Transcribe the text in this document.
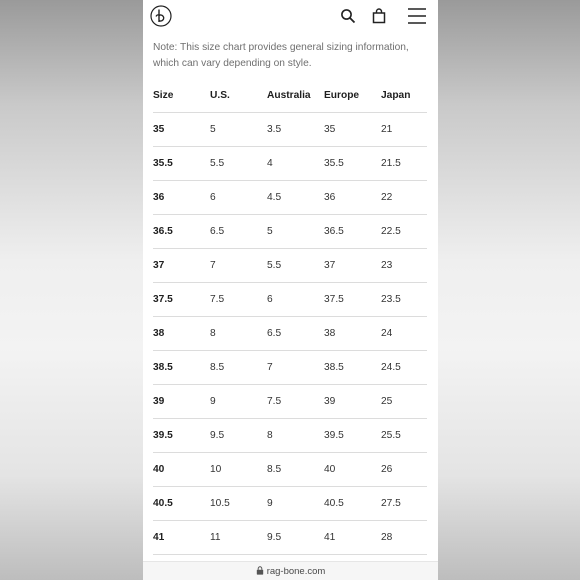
Note: This size chart provides general sizing information, which can vary depending on style.

Size	U.S.	Australia	Europe	Japan
35	5	3.5	35	21
35.5	5.5	4	35.5	21.5
36	6	4.5	36	22
36.5	6.5	5	36.5	22.5
37	7	5.5	37	23
37.5	7.5	6	37.5	23.5
38	8	6.5	38	24
38.5	8.5	7	38.5	24.5
39	9	7.5	39	25
39.5	9.5	8	39.5	25.5
40	10	8.5	40	26
40.5	10.5	9	40.5	27.5
41	11	9.5	41	28
rag-bone.com
